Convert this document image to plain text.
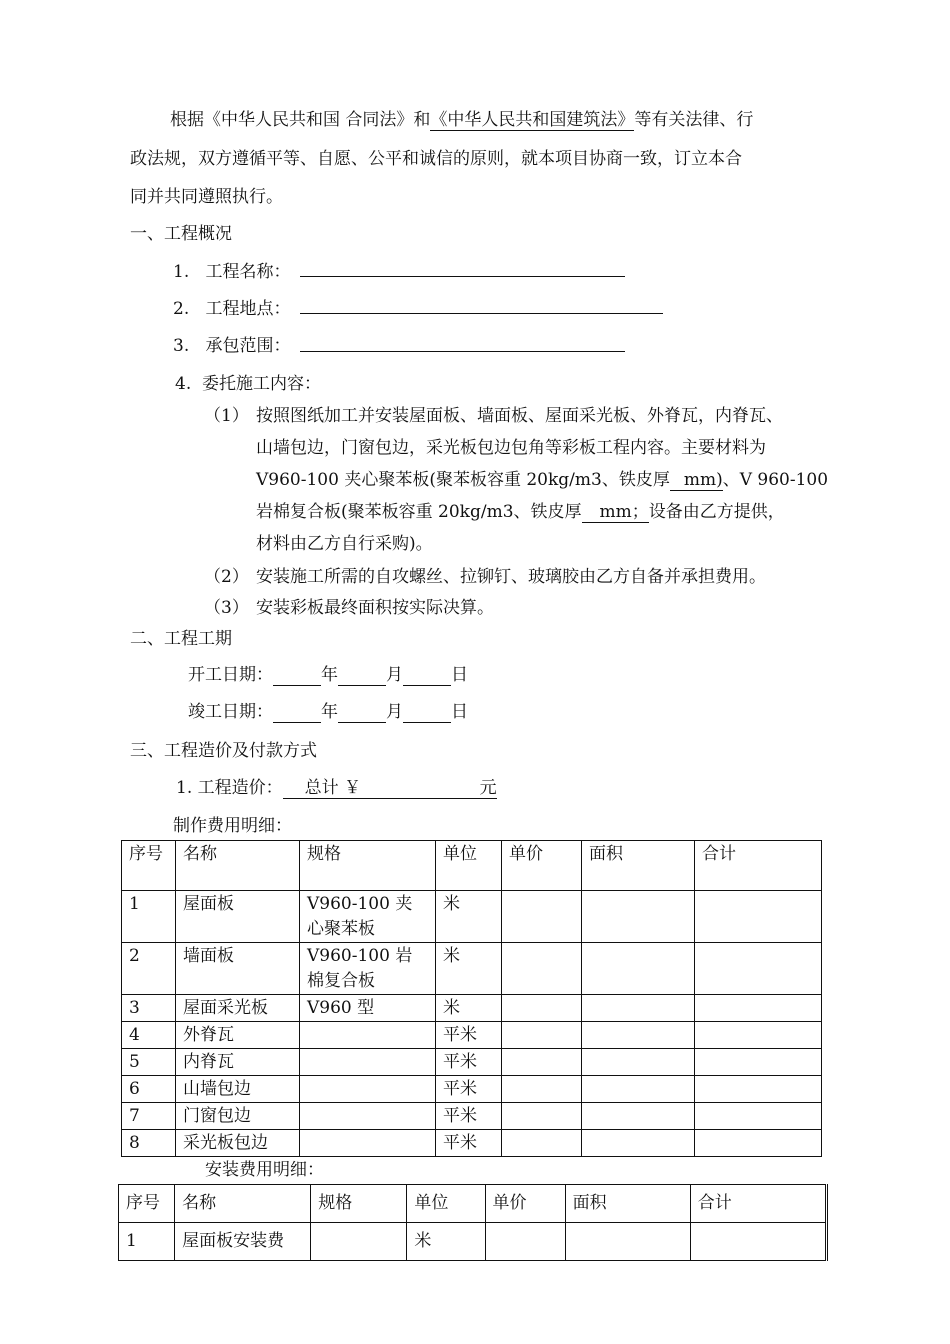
根据《中华人民共和国 合同法》和《中华人民共和国建筑法》等有关法律、行
政法规，双方遵循平等、自愿、公平和诚信的原则，就本项目协商一致，订立本合
同并共同遵照执行。
一、工程概况
1. 工程名称：
2. 工程地点：
3. 承包范围：
4. 委托施工内容：
（1） 按照图纸加工并安装屋面板、墙面板、屋面采光板、外脊瓦，内脊瓦、
山墙包边，门窗包边，采光板包边包角等彩板工程内容。主要材料为
V960-100 夹心聚苯板(聚苯板容重 20kg/m3、铁皮厚 mm)、V 960-100
岩棉复合板(聚苯板容重 20kg/m3、铁皮厚 mm；设备由乙方提供，
材料由乙方自行采购)。
（2） 安装施工所需的自攻螺丝、拉铆钉、玻璃胶由乙方自备并承担费用。
（3） 安装彩板最终面积按实际决算。
二、工程工期
开工日期：	年	月	日
竣工日期：	年	月	日
三、工程造价及付款方式
1. 工程造价： 总计 ￥	元
制作费用明细：
序号	名称	规格	单位	单价	面积	合计
1	屋面板	V960-100 夹心聚苯板	米			
2	墙面板	V960-100 岩棉复合板	米			
3	屋面采光板	V960 型	米			
4	外脊瓦		平米			
5	内脊瓦		平米			
6	山墙包边		平米			
7	门窗包边		平米			
8	采光板包边		平米			
安装费用明细：
序号	名称	规格	单位	单价	面积	合计
1	屋面板安装费		米			
